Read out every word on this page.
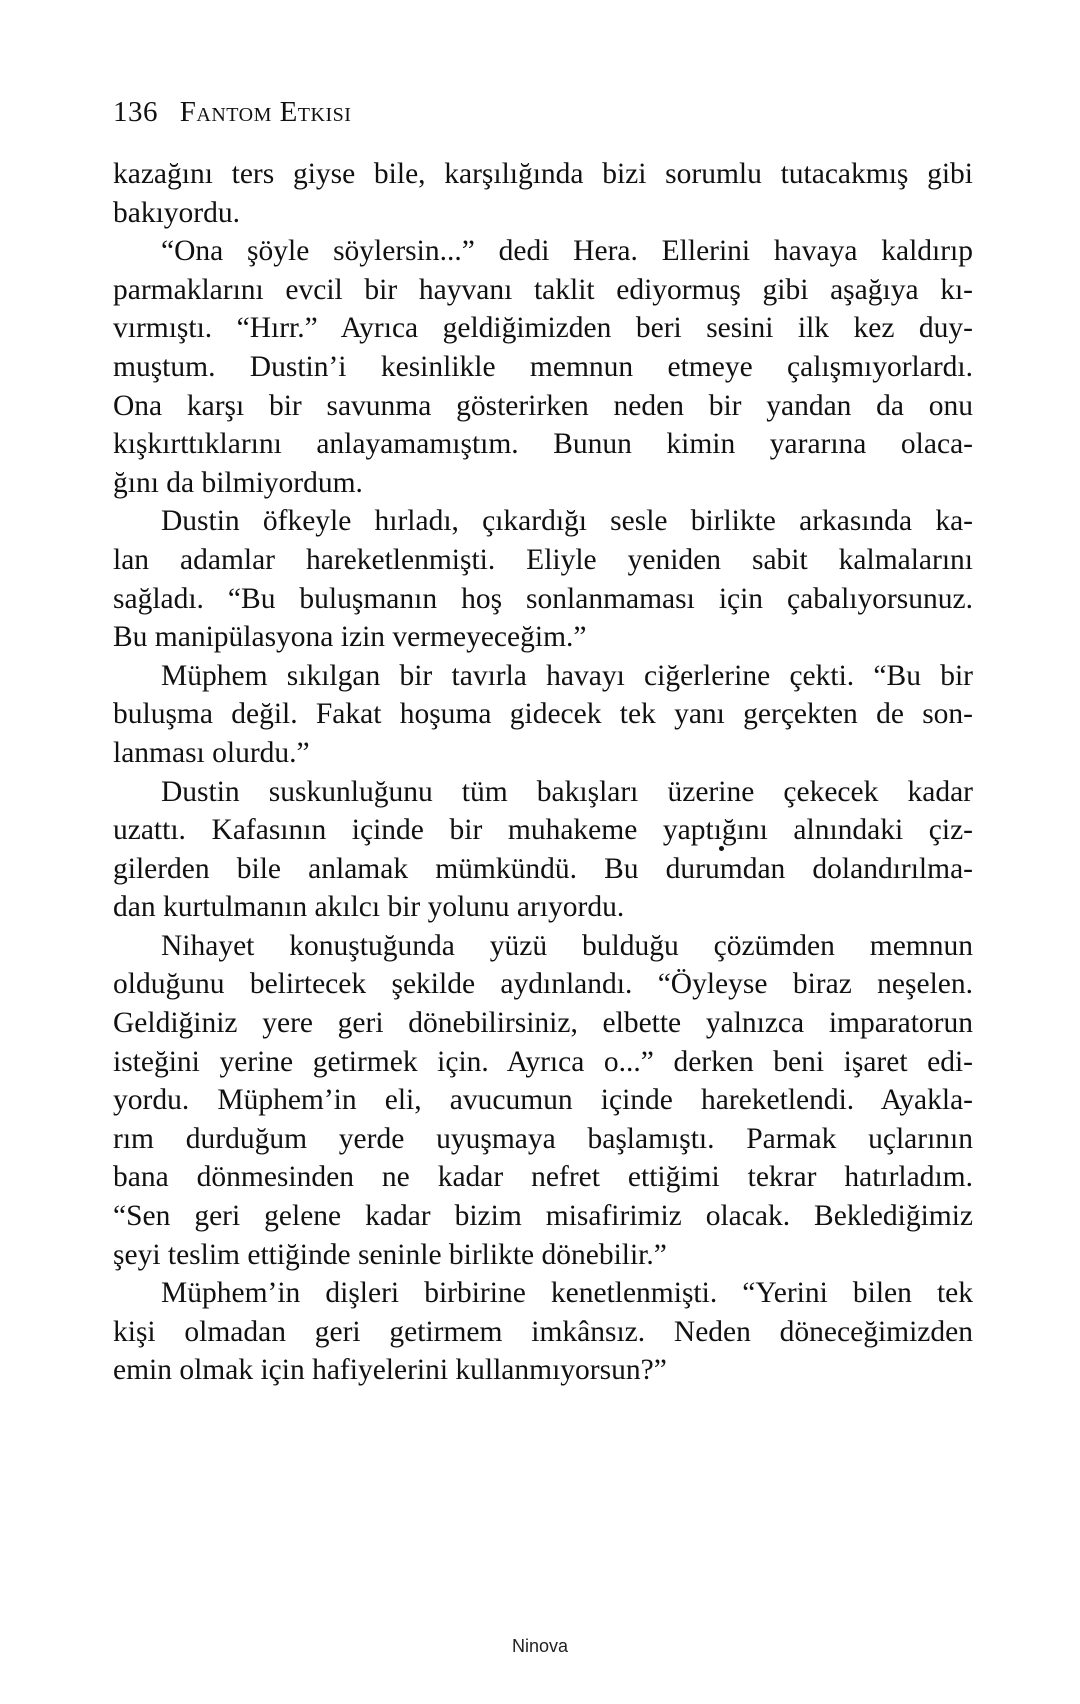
136 Fantom Etkisi
kazağını ters giyse bile, karşılığında bizi sorumlu tutacakmış gibi
bakıyordu.
“Ona şöyle söylersin...” dedi Hera. Ellerini havaya kaldırıp
parmaklarını evcil bir hayvanı taklit ediyormuş gibi aşağıya kı-
vırmıştı. “Hırr.” Ayrıca geldiğimizden beri sesini ilk kez duy-
muştum. Dustin’i kesinlikle memnun etmeye çalışmıyorlardı.
Ona karşı bir savunma gösterirken neden bir yandan da onu
kışkırttıklarını anlayamamıştım. Bunun kimin yararına olaca-
ğını da bilmiyordum.
Dustin öfkeyle hırladı, çıkardığı sesle birlikte arkasında ka-
lan adamlar hareketlenmişti. Eliyle yeniden sabit kalmalarını
sağladı. “Bu buluşmanın hoş sonlanmaması için çabalıyorsunuz.
Bu manipülasyona izin vermeyeceğim.”
Müphem sıkılgan bir tavırla havayı ciğerlerine çekti. “Bu bir
buluşma değil. Fakat hoşuma gidecek tek yanı gerçekten de son-
lanması olurdu.”
Dustin suskunluğunu tüm bakışları üzerine çekecek kadar
uzattı. Kafasının içinde bir muhakeme yaptığını alnındaki çiz-
gilerden bile anlamak mümkündü. Bu durumdan dolandırılma-
dan kurtulmanın akılcı bir yolunu arıyordu.
Nihayet konuştuğunda yüzü bulduğu çözümden memnun
olduğunu belirtecek şekilde aydınlandı. “Öyleyse biraz neşelen.
Geldiğiniz yere geri dönebilirsiniz, elbette yalnızca imparatorun
isteğini yerine getirmek için. Ayrıca o...” derken beni işaret edi-
yordu. Müphem’in eli, avucumun içinde hareketlendi. Ayakla-
rım durduğum yerde uyuşmaya başlamıştı. Parmak uçlarının
bana dönmesinden ne kadar nefret ettiğimi tekrar hatırladım.
“Sen geri gelene kadar bizim misafirimiz olacak. Beklediğimiz
şeyi teslim ettiğinde seninle birlikte dönebilir.”
Müphem’in dişleri birbirine kenetlenmişti. “Yerini bilen tek
kişi olmadan geri getirmem imkânsız. Neden döneceğimizden
emin olmak için hafiyelerini kullanmıyorsun?”
Ninova
